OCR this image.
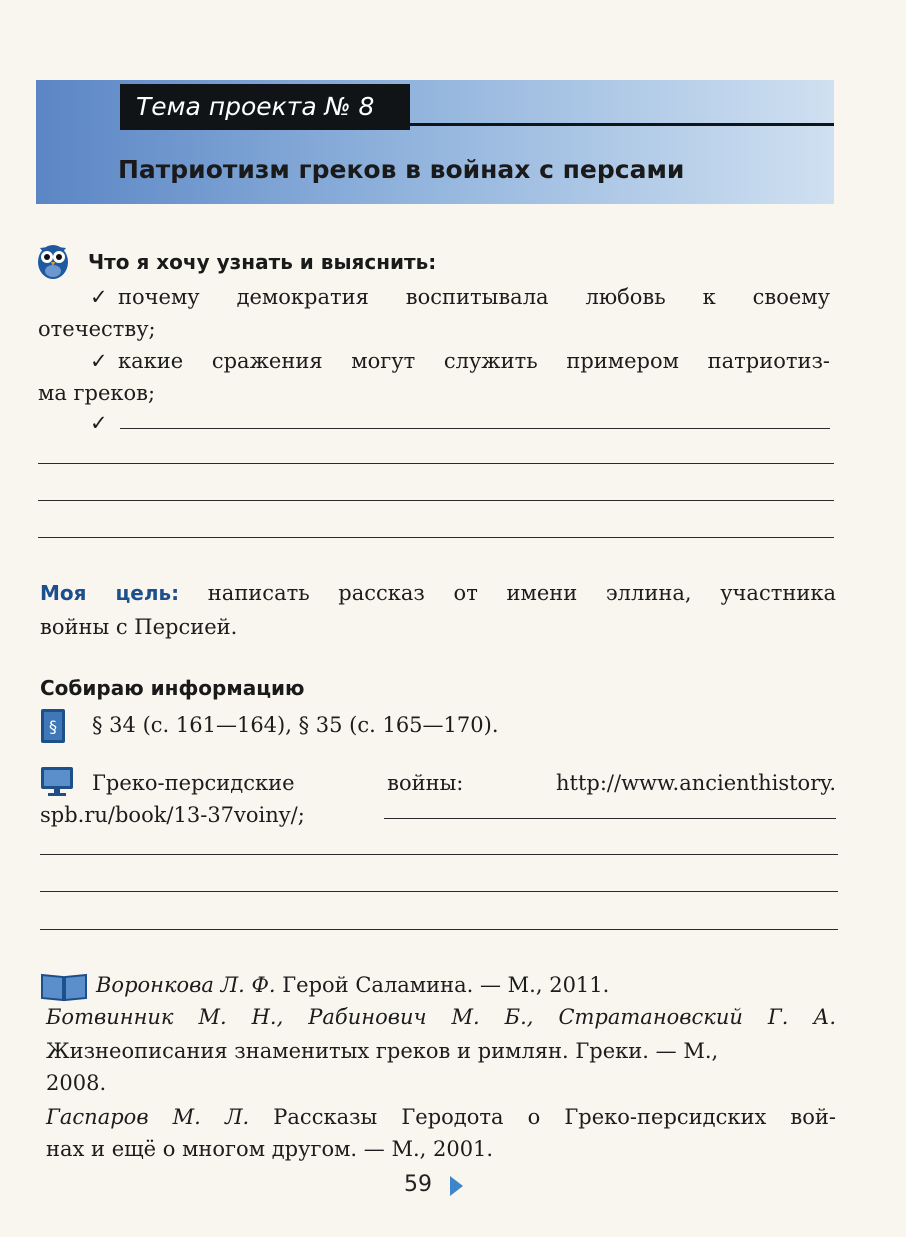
Тема проекта № 8
Патриотизм греков в войнах с персами
Что я хочу узнать и выяснить:
✓ почему демократия воспитывала любовь к своему
отечеству;
✓ какие сражения могут служить примером патриотиз-
ма греков;
✓
Моя цель: написать рассказ от имени эллина, участника
войны с Персией.
Собираю информацию
§ § 34 (с. 161—164), § 35 (с. 165—170).
Греко-персидские войны: http://www.ancienthistory.
spb.ru/book/13-37voiny/;
Воронкова Л. Ф. Герой Саламина. — М., 2011.
Ботвинник М. Н., Рабинович М. Б., Стратановский Г. А.
Жизнеописания знаменитых греков и римлян. Греки. — М.,
2008.
Гаспаров М. Л. Рассказы Геродота о Греко-персидских вой-
нах и ещё о многом другом. — М., 2001.
59
